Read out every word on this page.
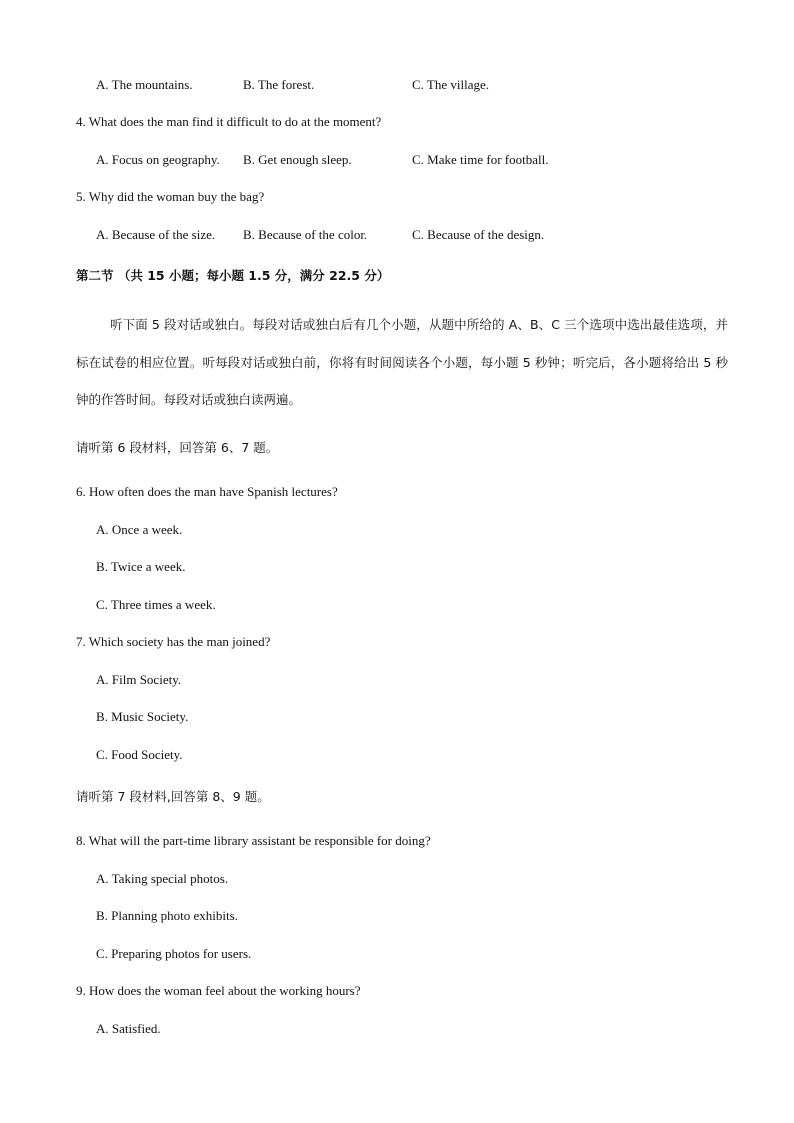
A. The mountains.	B. The forest.	C. The village.
4. What does the man find it difficult to do at the moment?
A. Focus on geography. B. Get enough sleep.	C. Make time for football.
5. Why did the woman buy the bag?
A. Because of the size. B. Because of the color.	C. Because of the design.
第二节 （共 15 小题；每小题 1.5 分，满分 22.5 分）

听下面 5 段对话或独白。每段对话或独白后有几个小题，从题中所给的 A、B、C 三个选项中选出最佳选项，并标在试卷的相应位置。听每段对话或独白前，你将有时间阅读各个小题，每小题 5 秒钟；听完后，各小题将给出 5 秒钟的作答时间。每段对话或独白读两遍。

请听第 6 段材料，回答第 6、7 题。
6. How often does the man have Spanish lectures?
A. Once a week.
B. Twice a week.
C. Three times a week.
7. Which society has the man joined?
A. Film Society.
B. Music Society.
C. Food Society.
请听第 7 段材料,回答第 8、9 题。
8. What will the part-time library assistant be responsible for doing?
A. Taking special photos.
B. Planning photo exhibits.
C. Preparing photos for users.
9. How does the woman feel about the working hours?
A. Satisfied.
